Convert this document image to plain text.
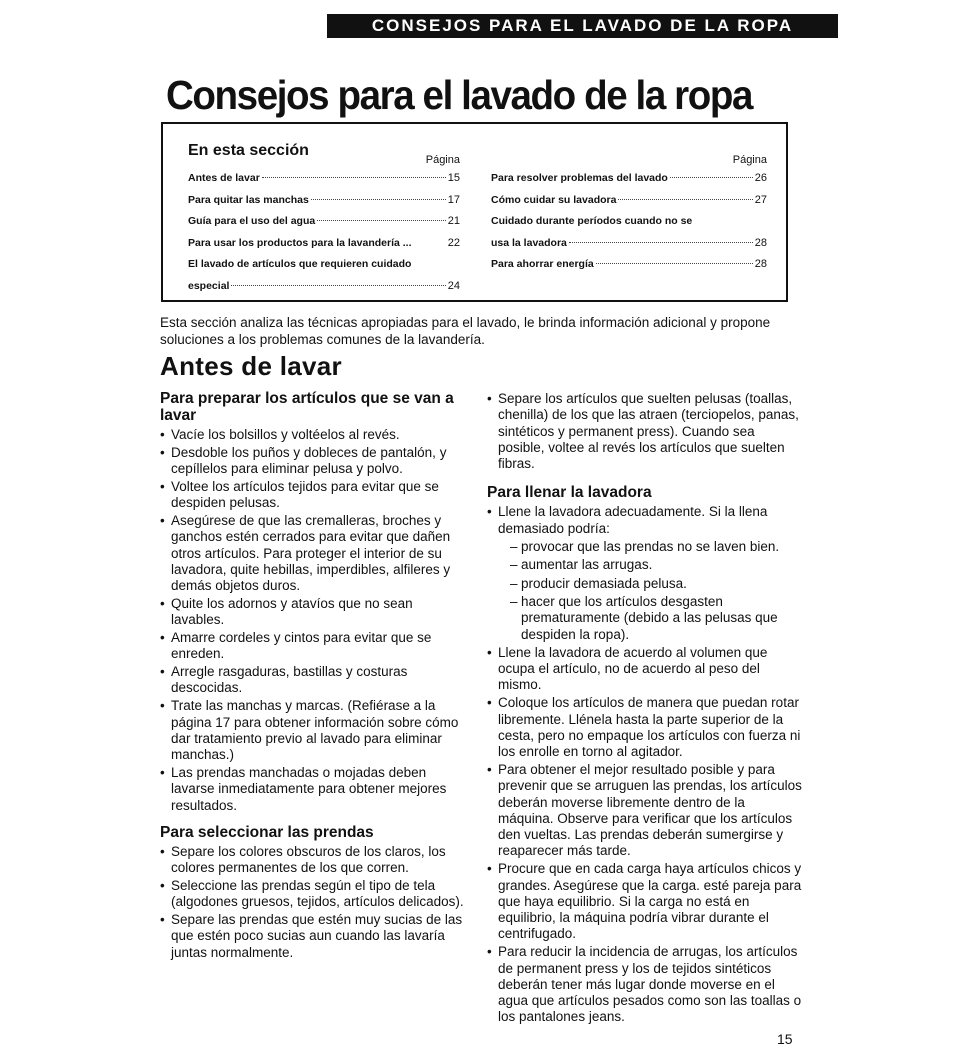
CONSEJOS PARA EL LAVADO DE LA ROPA
Consejos para el lavado de la ropa
En esta sección
Página
Antes de lavar	15
Para quitar las manchas	17
Guía para el uso del agua	21
Para usar los productos para la lavandería ...	22
El lavado de artículos que requieren cuidado
especial	24
Página
Para resolver problemas del lavado	26
Cómo cuidar su lavadora	27
Cuidado durante períodos cuando no se
usa la lavadora	28
Para ahorrar energía	28

Esta sección analiza las técnicas apropiadas para el lavado, le brinda información adicional y propone soluciones a los problemas comunes de la lavandería.

Antes de lavar
Para preparar los artículos que se van a lavar
• Vacíe los bolsillos y voltéelos al revés.
• Desdoble los puños y dobleces de pantalón, y cepíllelos para eliminar pelusa y polvo.
• Voltee los artículos tejidos para evitar que se despiden pelusas.
• Asegúrese de que las cremalleras, broches y ganchos estén cerrados para evitar que dañen otros artículos. Para proteger el interior de su lavadora, quite hebillas, imperdibles, alfileres y demás objetos duros.
• Quite los adornos y atavíos que no sean lavables.
• Amarre cordeles y cintos para evitar que se enreden.
• Arregle rasgaduras, bastillas y costuras descocidas.
• Trate las manchas y marcas. (Refiérase a la página 17 para obtener información sobre cómo dar tratamiento previo al lavado para eliminar manchas.)
• Las prendas manchadas o mojadas deben lavarse inmediatamente para obtener mejores resultados.
Para seleccionar las prendas
• Separe los colores obscuros de los claros, los colores permanentes de los que corren.
• Seleccione las prendas según el tipo de tela (algodones gruesos, tejidos, artículos delicados).
• Separe las prendas que estén muy sucias de las que estén poco sucias aun cuando las lavaría juntas normalmente.
• Separe los artículos que suelten pelusas (toallas, chenilla) de los que las atraen (terciopelos, panas, sintéticos y permanent press). Cuando sea posible, voltee al revés los artículos que suelten fibras.
Para llenar la lavadora
• Llene la lavadora adecuadamente. Si la llena demasiado podría:
– provocar que las prendas no se laven bien.
– aumentar las arrugas.
– producir demasiada pelusa.
– hacer que los artículos desgasten prematuramente (debido a las pelusas que despiden la ropa).
• Llene la lavadora de acuerdo al volumen que ocupa el artículo, no de acuerdo al peso del mismo.
• Coloque los artículos de manera que puedan rotar libremente. Llénela hasta la parte superior de la cesta, pero no empaque los artículos con fuerza ni los enrolle en torno al agitador.
• Para obtener el mejor resultado posible y para prevenir que se arruguen las prendas, los artículos deberán moverse libremente dentro de la máquina. Observe para verificar que los artículos den vueltas. Las prendas deberán sumergirse y reaparecer más tarde.
• Procure que en cada carga haya artículos chicos y grandes. Asegúrese que la carga. esté pareja para que haya equilibrio. Si la carga no está en equilibrio, la máquina podría vibrar durante el centrifugado.
• Para reducir la incidencia de arrugas, los artículos de permanent press y los de tejidos sintéticos deberán tener más lugar donde moverse en el agua que artículos pesados como son las toallas o los pantalones jeans.
15
